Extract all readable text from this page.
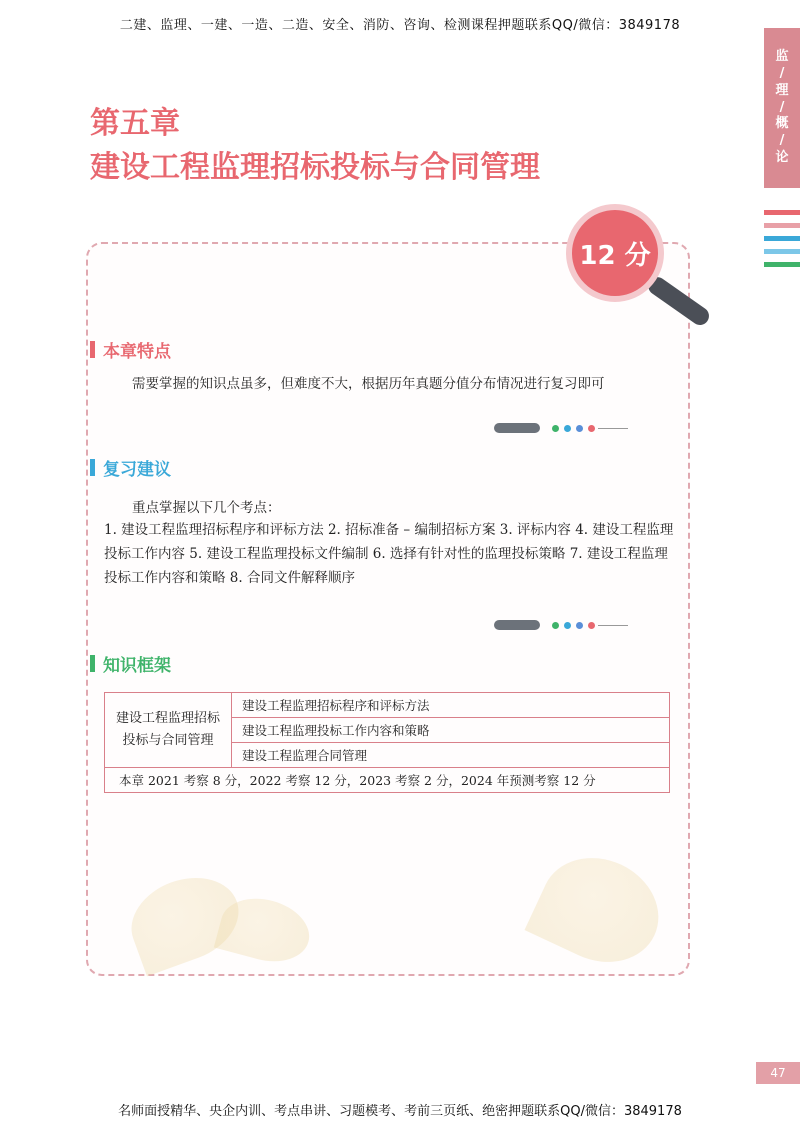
二建、监理、一建、一造、二造、安全、消防、咨询、检测课程押题联系QQ/微信：3849178
监
/
理
/
概
/
论
第五章
建设工程监理招标投标与合同管理
12 分
本章特点
需要掌握的知识点虽多，但难度不大，根据历年真题分值分布情况进行复习即可
复习建议
重点掌握以下几个考点：
1. 建设工程监理招标程序和评标方法 2. 招标准备 – 编制招标方案 3. 评标内容 4. 建设工程监理投标工作内容 5. 建设工程监理投标文件编制 6. 选择有针对性的监理投标策略 7. 建设工程监理投标工作内容和策略 8. 合同文件解释顺序
知识框架
建设工程监理招标投标与合同管理	建设工程监理招标程序和评标方法
建设工程监理投标工作内容和策略
建设工程监理合同管理
本章 2021 考察 8 分，2022 考察 12 分，2023 考察 2 分，2024 年预测考察 12 分
47
名师面授精华、央企内训、考点串讲、习题模考、考前三页纸、绝密押题联系QQ/微信：3849178
